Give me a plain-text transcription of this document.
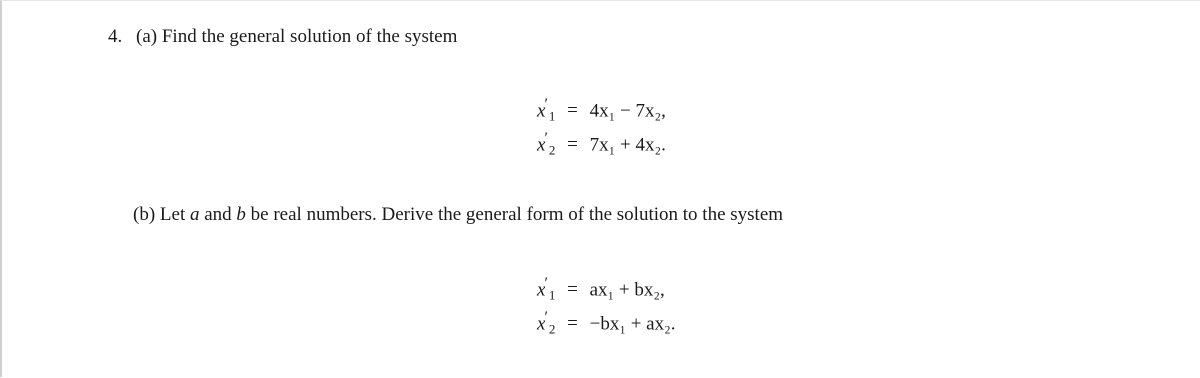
4. (a) Find the general solution of the system
$x'_1 = 4x_1 - 7x_2$,
$x'_2 = 7x_1 + 4x_2$.
(b) Let a and b be real numbers. Derive the general form of the solution to the system
$x'_1 = ax_1 + bx_2$,
$x'_2 = -bx_1 + ax_2$.
